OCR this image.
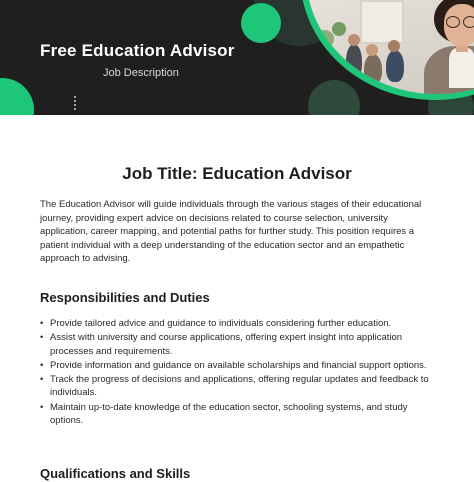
Free Education Advisor
Job Description
Job Title: Education Advisor

The Education Advisor will guide individuals through the various stages of their educational journey, providing expert advice on decisions related to course selection, university application, career mapping, and potential paths for further study. This position requires a patient individual with a deep understanding of the education sector and an empathetic approach to advising.

Responsibilities and Duties
• Provide tailored advice and guidance to individuals considering further education.
• Assist with university and course applications, offering expert insight into application processes and requirements.
• Provide information and guidance on available scholarships and financial support options.
• Track the progress of decisions and applications, offering regular updates and feedback to individuals.
• Maintain up-to-date knowledge of the education sector, schooling systems, and study options.
Qualifications and Skills
